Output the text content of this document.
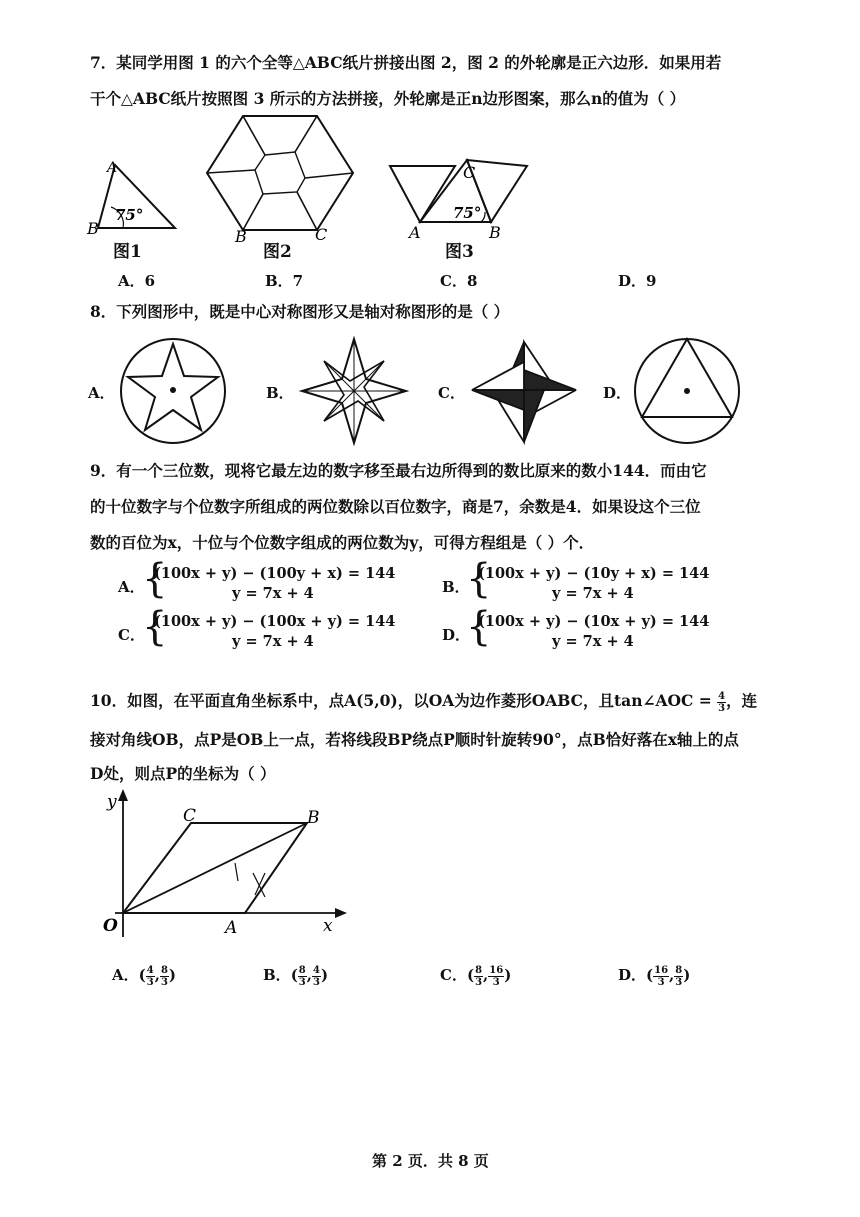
7．某同学用图 1 的六个全等△ABC纸片拼接出图 2，图 2 的外轮廓是正六边形．如果用若
干个△ABC纸片按照图 3 所示的方法拼接，外轮廓是正n边形图案，那么n的值为（ ）
B
A
75°
图1
B	C
图2
C
A	B
75°
图3
A．6	B．7	C．8	D．9
8．下列图形中，既是中心对称图形又是轴对称图形的是（ ）
A．	B．	C．	D．
9．有一个三位数，现将它最左边的数字移至最右边所得到的数比原来的数小144．而由它
的十位数字与个位数字所组成的两位数除以百位数字，商是7，余数是4．如果设这个三位
数的百位为x，十位与个位数字组成的两位数为y，可得方程组是（ ）个．
A．
{
(100x + y) − (100y + x) = 144
y = 7x + 4	B．
{
(100x + y) − (10y + x) = 144
y = 7x + 4
C．
{
(100x + y) − (100x + y) = 144
y = 7x + 4	D．
{
(100x + y) − (10x + y) = 144
y = 7x + 4
10．如图，在平面直角坐标系中，点A(5,0)，以OA为边作菱形OABC，且tan∠AOC = $\frac{4}{3}$ ，连
接对角线OB，点P是OB上一点，若将线段BP绕点P顺时针旋转90°，点B恰好落在x轴上的点
D处，则点P的坐标为（ ）
y
x
O	A
B
C
A．( $\frac{4}{3}$ , $\frac{8}{3}$ )	B．( $\frac{8}{3}$ , $\frac{4}{3}$ )	C．( $\frac{8}{3}$ , $\frac{16}{3}$ )	D．( $\frac{16}{3}$ , $\frac{8}{3}$ )
第 2 页．共 8 页
